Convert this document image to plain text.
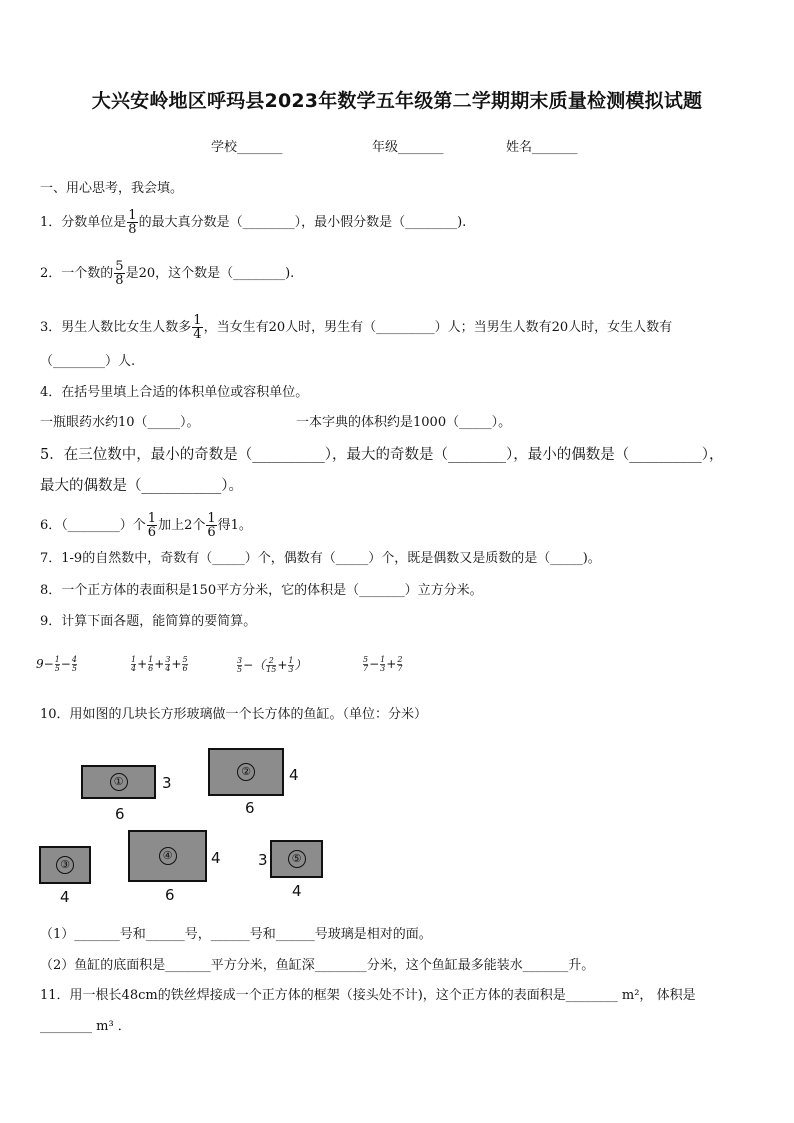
大兴安岭地区呼玛县2023年数学五年级第二学期期末质量检测模拟试题
学校_______	年级_______	姓名_______
一、用心思考，我会填。
1．分数单位是 $\frac{1}{8}$ 的最大真分数是（________），最小假分数是（________).
2．一个数的 $\frac{5}{8}$ 是20，这个数是（________).
3．男生人数比女生人数多 $\frac{1}{4}$ ，当女生有20人时，男生有（_________）人；当男生人数有20人时，女生人数有
（________）人.
4．在括号里填上合适的体积单位或容积单位。
一瓶眼药水约10（_____）。	一本字典的体积约是1000（_____）。
5．在三位数中，最小的奇数是（__________），最大的奇数是（________），最小的偶数是（__________），
最大的偶数是（___________）。
6．（________）个 $\frac{1}{6}$ 加上2个 $\frac{1}{6}$ 得1。
7．1-9的自然数中，奇数有（_____）个，偶数有（_____）个，既是偶数又是质数的是（_____)。
8．一个正方体的表面积是150平方分米，它的体积是（_______）立方分米。
9．计算下面各题，能简算的要简算。
$9- \frac{1}{5} - \frac{4}{5}$	$\frac{1}{4} + \frac{1}{6} + \frac{3}{4} + \frac{5}{6}$	$\frac{3}{5}$ −（ $\frac{2}{15} + \frac{1}{3}$ ）	$\frac{5}{7} - \frac{1}{3} + \frac{2}{7}$
10．用如图的几块长方形玻璃做一个长方体的鱼缸。（单位：分米）
①	3
6
②	4
6
③
4
④	4
6
⑤
3
4
（1）_______号和______号，______号和______号玻璃是相对的面。
（2）鱼缸的底面积是_______平方分米，鱼缸深________分米，这个鱼缸最多能装水_______升。
11．用一根长48cm的铁丝焊接成一个正方体的框架（接头处不计)，这个正方体的表面积是________ m²， 体积是
________ m³ ．
